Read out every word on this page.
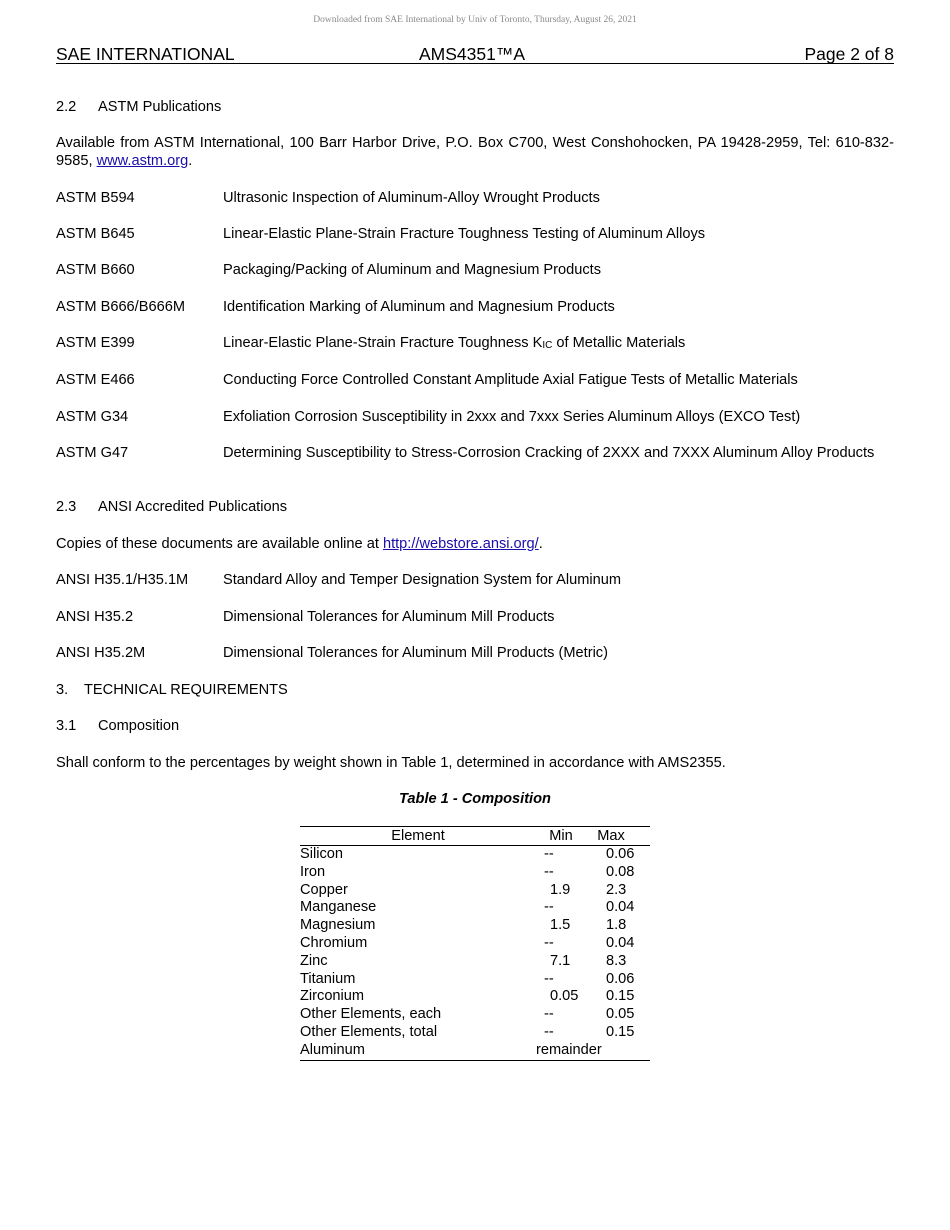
Downloaded from SAE International by Univ of Toronto, Thursday, August 26, 2021
SAE INTERNATIONAL	AMS4351™A	Page 2 of 8
2.2 ASTM Publications
Available from ASTM International, 100 Barr Harbor Drive, P.O. Box C700, West Conshohocken, PA 19428-2959, Tel: 610-832-9585, www.astm.org.
ASTM B594	Ultrasonic Inspection of Aluminum-Alloy Wrought Products
ASTM B645	Linear-Elastic Plane-Strain Fracture Toughness Testing of Aluminum Alloys
ASTM B660	Packaging/Packing of Aluminum and Magnesium Products
ASTM B666/B666M	Identification Marking of Aluminum and Magnesium Products
ASTM E399	Linear-Elastic Plane-Strain Fracture Toughness $K_{IC}$ of Metallic Materials
ASTM E466	Conducting Force Controlled Constant Amplitude Axial Fatigue Tests of Metallic Materials
ASTM G34	Exfoliation Corrosion Susceptibility in 2xxx and 7xxx Series Aluminum Alloys (EXCO Test)
ASTM G47	Determining Susceptibility to Stress-Corrosion Cracking of 2XXX and 7XXX Aluminum Alloy Products
2.3 ANSI Accredited Publications
Copies of these documents are available online at http://webstore.ansi.org/.
ANSI H35.1/H35.1M Standard Alloy and Temper Designation System for Aluminum
ANSI H35.2	Dimensional Tolerances for Aluminum Mill Products
ANSI H35.2M	Dimensional Tolerances for Aluminum Mill Products (Metric)
3. TECHNICAL REQUIREMENTS
3.1 Composition
Shall conform to the percentages by weight shown in Table 1, determined in accordance with AMS2355.
Table 1 - Composition
Element	Min	Max
Silicon	--	0.06
Iron	--	0.08
Copper	1.9	2.3
Manganese	--	0.04
Magnesium	1.5	1.8
Chromium	--	0.04
Zinc	7.1	8.3
Titanium	--	0.06
Zirconium	0.05	0.15
Other Elements, each	--	0.05
Other Elements, total	--	0.15
Aluminum	remainder
